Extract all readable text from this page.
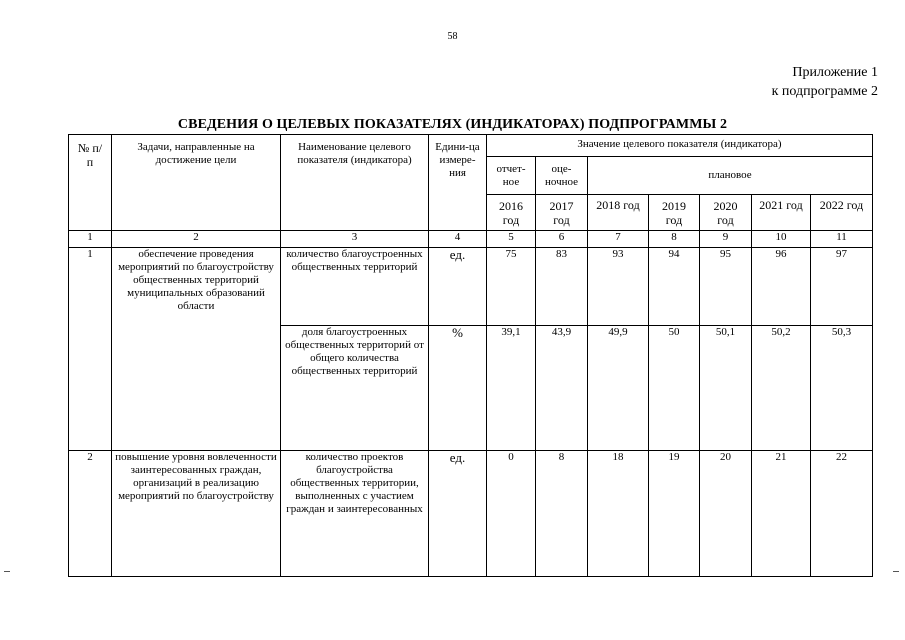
58
Приложение 1
к подпрограмме 2
СВЕДЕНИЯ О ЦЕЛЕВЫХ ПОКАЗАТЕЛЯХ (ИНДИКАТОРАХ) ПОДПРОГРАММЫ 2
№ п/п	Задачи, направленные на достижение цели	Наименование целевого показателя (индикатора)	Едини-ца измере-ния	Значение целевого показателя (индикатора)						
				отчет-ное	оце-ночное	плановое				
				2016 год	2017 год	2018 год	2019 год	2020 год	2021 год	2022 год
1	2	3	4	5	6	7	8	9	10	11
1	обеспечение проведения мероприятий по благоустройству общественных территорий муниципальных образований области	количество благоустроенных общественных территорий	ед.	75	83	93	94	95	96	97
		доля благоустроенных общественных территорий от общего количества общественных территорий	%	39,1	43,9	49,9	50	50,1	50,2	50,3
2	повышение уровня вовлеченности заинтересованных граждан, организаций в реализацию мероприятий по благоустройству	количество проектов благоустройства общественных территории, выполненных с участием граждан и заинтересованных	ед.	0	8	18	19	20	21	22
